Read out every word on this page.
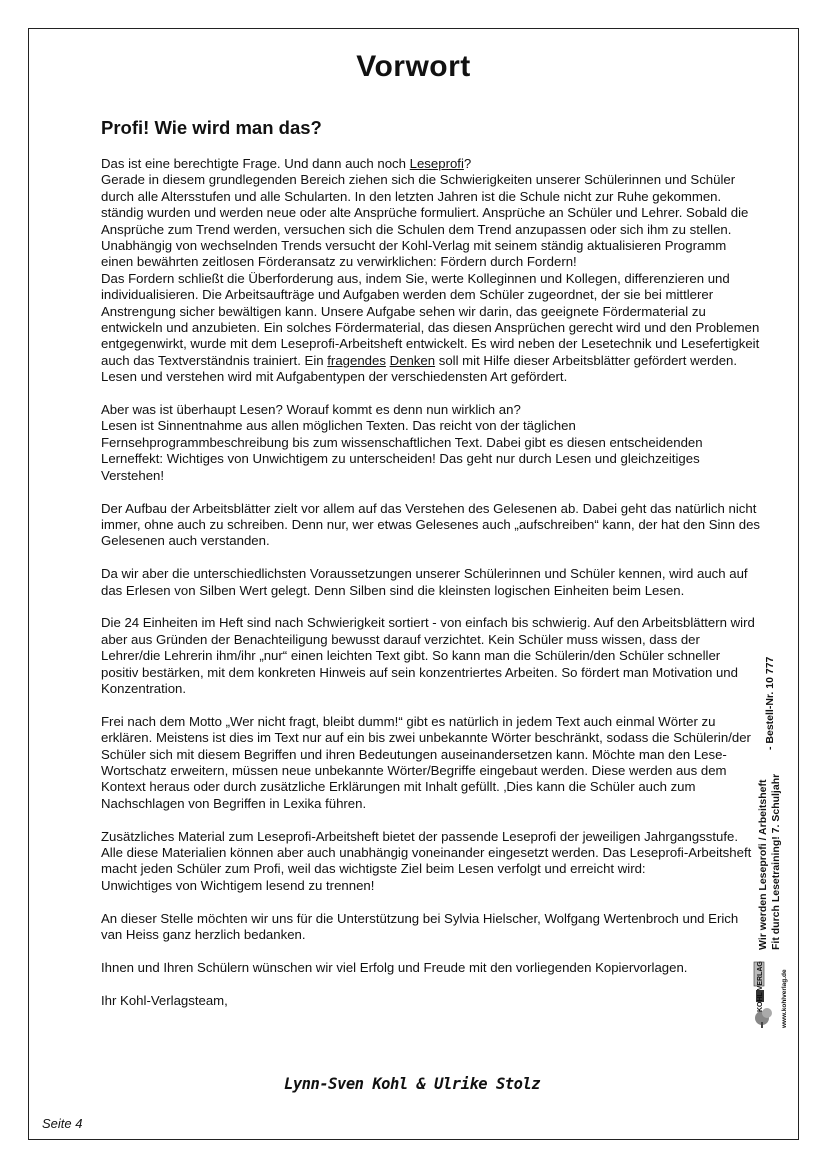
Vorwort
Profi! Wie wird man das?

Das ist eine berechtigte Frage. Und dann auch noch Leseprofi?
Gerade in diesem grundlegenden Bereich ziehen sich die Schwierigkeiten unserer Schülerinnen und Schüler durch alle Altersstufen und alle Schularten. In den letzten Jahren ist die Schule nicht zur Ruhe gekommen. ständig wurden und werden neue oder alte Ansprüche formuliert. Ansprüche an Schüler und Lehrer. Sobald die Ansprüche zum Trend werden, versuchen sich die Schulen dem Trend anzupassen oder sich ihm zu stellen. Unabhängig von wechselnden Trends versucht der Kohl-Verlag mit seinem ständig aktualisieren Programm einen bewährten zeitlosen Förderansatz zu verwirklichen: Fördern durch Fordern!
Das Fordern schließt die Überforderung aus, indem Sie, werte Kolleginnen und Kollegen, differenzieren und individualisieren. Die Arbeitsaufträge und Aufgaben werden dem Schüler zugeordnet, der sie bei mittlerer Anstrengung sicher bewältigen kann. Unsere Aufgabe sehen wir darin, das geeignete Fördermaterial zu entwickeln und anzubieten. Ein solches Fördermaterial, das diesen Ansprüchen gerecht wird und den Problemen entgegenwirkt, wurde mit dem Leseprofi-Arbeitsheft entwickelt. Es wird neben der Lesetechnik und Lesefertigkeit auch das Textverständnis trainiert. Ein fragendes Denken soll mit Hilfe dieser Arbeitsblätter gefördert werden. Lesen und verstehen wird mit Aufgabentypen der verschiedensten Art gefördert.

Aber was ist überhaupt Lesen? Worauf kommt es denn nun wirklich an?
Lesen ist Sinnentnahme aus allen möglichen Texten. Das reicht von der täglichen Fernsehprogrammbeschreibung bis zum wissenschaftlichen Text. Dabei gibt es diesen entscheidenden Lerneffekt: Wichtiges von Unwichtigem zu unterscheiden! Das geht nur durch Lesen und gleichzeitiges Verstehen!

Der Aufbau der Arbeitsblätter zielt vor allem auf das Verstehen des Gelesenen ab. Dabei geht das natürlich nicht immer, ohne auch zu schreiben. Denn nur, wer etwas Gelesenes auch „aufschreiben“ kann, der hat den Sinn des Gelesenen auch verstanden.

Da wir aber die unterschiedlichsten Voraussetzungen unserer Schülerinnen und Schüler kennen, wird auch auf das Erlesen von Silben Wert gelegt. Denn Silben sind die kleinsten logischen Einheiten beim Lesen.

Die 24 Einheiten im Heft sind nach Schwierigkeit sortiert - von einfach bis schwierig. Auf den Arbeitsblättern wird aber aus Gründen der Benachteiligung bewusst darauf verzichtet. Kein Schüler muss wissen, dass der Lehrer/die Lehrerin ihm/ihr „nur“ einen leichten Text gibt. So kann man die Schülerin/den Schüler schneller positiv bestärken, mit dem konkreten Hinweis auf sein konzentriertes Arbeiten. So fördert man Motivation und Konzentration.

Frei nach dem Motto „Wer nicht fragt, bleibt dumm!“ gibt es natürlich in jedem Text auch einmal Wörter zu erklären. Meistens ist dies im Text nur auf ein bis zwei unbekannte Wörter beschränkt, sodass die Schülerin/der Schüler sich mit diesem Begriffen und ihren Bedeutungen auseinandersetzen kann. Möchte man den Lese-Wortschatz erweitern, müssen neue unbekannte Wörter/Begriffe eingebaut werden. Diese werden aus dem Kontext heraus oder durch zusätzliche Erklärungen mit Inhalt gefüllt. ‚Dies kann die Schüler auch zum Nachschlagen von Begriffen in Lexika führen.

Zusätzliches Material zum Leseprofi-Arbeitsheft bietet der passende Leseprofi der jeweiligen Jahrgangsstufe. Alle diese Materialien können aber auch unabhängig voneinander eingesetzt werden. Das Leseprofi-Arbeitsheft macht jeden Schüler zum Profi, weil das wichtigste Ziel beim Lesen verfolgt und erreicht wird:
Unwichtiges von Wichtigem lesend zu trennen!

An dieser Stelle möchten wir uns für die Unterstützung bei Sylvia Hielscher, Wolfgang Wertenbroch und Erich van Heiss ganz herzlich bedanken.

Ihnen und Ihren Schülern wünschen wir viel Erfolg und Freude mit den vorliegenden Kopiervorlagen.

Ihr Kohl-Verlagsteam,

Lynn-Sven Kohl & Ulrike Stolz
Seite 4
Wir werden Leseprofi / Arbeitsheft Fit durch Lesetraining! 7. Schuljahr
- Bestell-Nr. 10 777
KOHL VERLAG	www.kohlverlag.de
